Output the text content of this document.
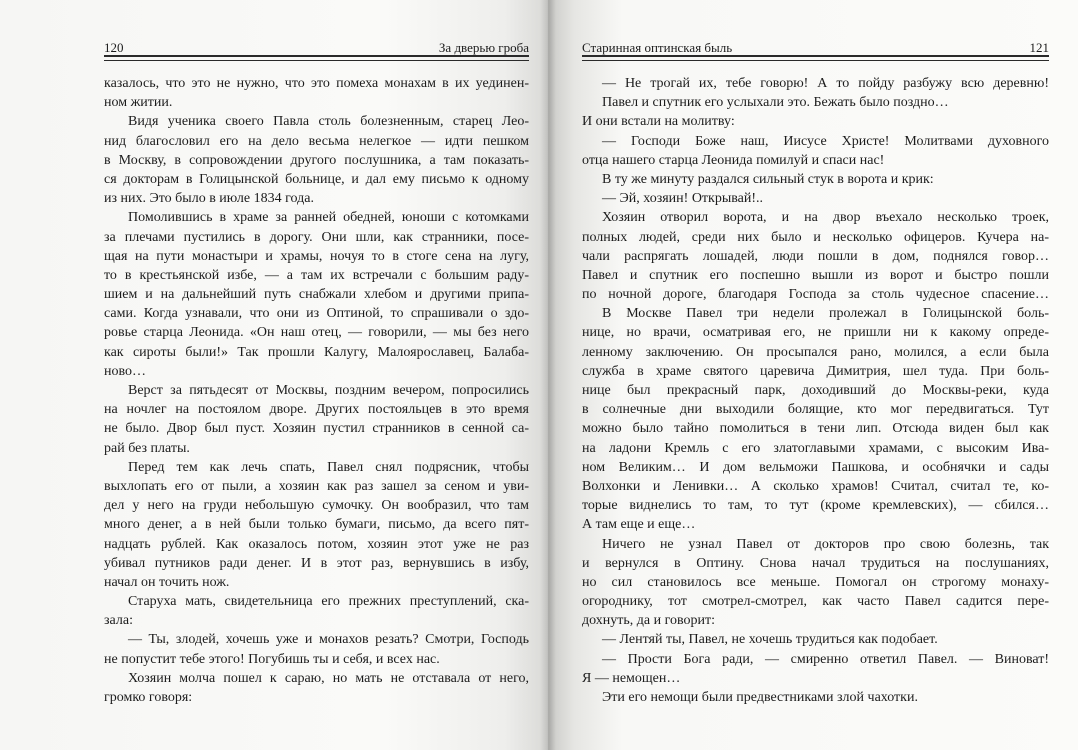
120	За дверью гроба
казалось, что это не нужно, что это помеха монахам в их уединен-
ном житии.
Видя ученика своего Павла столь болезненным, старец Лео-
нид благословил его на дело весьма нелегкое — идти пешком
в Москву, в сопровождении другого послушника, а там показать-
ся докторам в Голицынской больнице, и дал ему письмо к одному
из них. Это было в июле 1834 года.
Помолившись в храме за ранней обедней, юноши с котомками
за плечами пустились в дорогу. Они шли, как странники, посе-
щая на пути монастыри и храмы, ночуя то в стоге сена на лугу,
то в крестьянской избе, — а там их встречали с большим раду-
шием и на дальнейший путь снабжали хлебом и другими припа-
сами. Когда узнавали, что они из Оптиной, то спрашивали о здо-
ровье старца Леонида. «Он наш отец, — говорили, — мы без него
как сироты были!» Так прошли Калугу, Малоярославец, Балаба-
ново…
Верст за пятьдесят от Москвы, поздним вечером, попросились
на ночлег на постоялом дворе. Других постояльцев в это время
не было. Двор был пуст. Хозяин пустил странников в сенной са-
рай без платы.
Перед тем как лечь спать, Павел снял подрясник, чтобы
выхлопать его от пыли, а хозяин как раз зашел за сеном и уви-
дел у него на груди небольшую сумочку. Он вообразил, что там
много денег, а в ней были только бумаги, письмо, да всего пят-
надцать рублей. Как оказалось потом, хозяин этот уже не раз
убивал путников ради денег. И в этот раз, вернувшись в избу,
начал он точить нож.
Старуха мать, свидетельница его прежних преступлений, ска-
зала:
— Ты, злодей, хочешь уже и монахов резать? Смотри, Господь
не попустит тебе этого! Погубишь ты и себя, и всех нас.
Хозяин молча пошел к сараю, но мать не отставала от него,
громко говоря:
Старинная оптинская быль	121
— Не трогай их, тебе говорю! А то пойду разбужу всю деревню!
Павел и спутник его услыхали это. Бежать было поздно…
И они встали на молитву:
— Господи Боже наш, Иисусе Христе! Молитвами духовного
отца нашего старца Леонида помилуй и спаси нас!
В ту же минуту раздался сильный стук в ворота и крик:
— Эй, хозяин! Открывай!..
Хозяин отворил ворота, и на двор въехало несколько троек,
полных людей, среди них было и несколько офицеров. Кучера на-
чали распрягать лошадей, люди пошли в дом, поднялся говор…
Павел и спутник его поспешно вышли из ворот и быстро пошли
по ночной дороге, благодаря Господа за столь чудесное спасение…
В Москве Павел три недели пролежал в Голицынской боль-
нице, но врачи, осматривая его, не пришли ни к какому опреде-
ленному заключению. Он просыпался рано, молился, а если была
служба в храме святого царевича Димитрия, шел туда. При боль-
нице был прекрасный парк, доходивший до Москвы-реки, куда
в солнечные дни выходили болящие, кто мог передвигаться. Тут
можно было тайно помолиться в тени лип. Отсюда виден был как
на ладони Кремль с его златоглавыми храмами, с высоким Ива-
ном Великим… И дом вельможи Пашкова, и особнячки и сады
Волхонки и Ленивки… А сколько храмов! Считал, считал те, ко-
торые виднелись то там, то тут (кроме кремлевских), — сбился…
А там еще и еще…
Ничего не узнал Павел от докторов про свою болезнь, так
и вернулся в Оптину. Снова начал трудиться на послушаниях,
но сил становилось все меньше. Помогал он строгому монаху-
огороднику, тот смотрел-смотрел, как часто Павел садится пере-
дохнуть, да и говорит:
— Лентяй ты, Павел, не хочешь трудиться как подобает.
— Прости Бога ради, — смиренно ответил Павел. — Виноват!
Я — немощен…
Эти его немощи были предвестниками злой чахотки.
